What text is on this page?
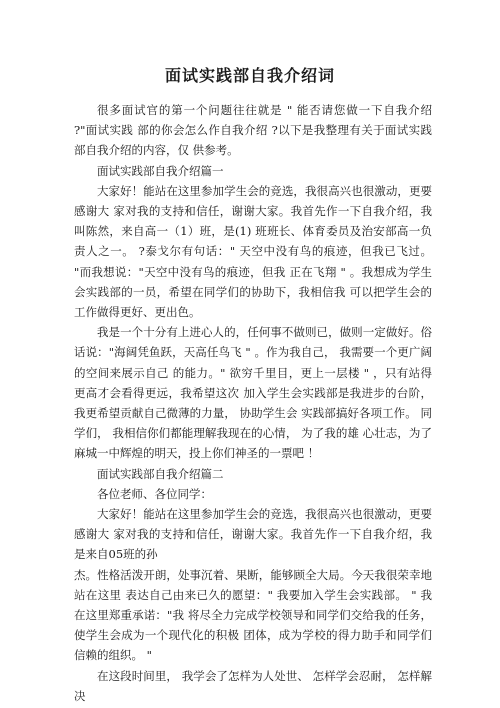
面试实践部自我介绍词

很多面试官的第一个问题往往就是 " 能否请您做一下自我介绍 ?"面试实践 部的你会怎么作自我介绍 ?以下是我整理有关于面试实践部自我介绍的内容，仅 供参考。

面试实践部自我介绍篇一

大家好！能站在这里参加学生会的竞选，我很高兴也很激动，更要感谢大 家对我的支持和信任，谢谢大家。我首先作一下自我介绍，我叫陈然，来自高一（1）班，是(1) 班班长、体育委员及治安部高一负责人之一。 ?泰戈尔有句话：" 天空中没有鸟的痕迹，但我已飞过。 "而我想说："天空中没有鸟的痕迹，但我 正在飞翔 " 。我想成为学生会实践部的一员，希望在同学们的协助下，我相信我 可以把学生会的工作做得更好、更出色。

我是一个十分有上进心人的，任何事不做则已，做则一定做好。俗话说："海阔凭鱼跃，天高任鸟飞 " 。作为我自己， 我需要一个更广阔的空间来展示自己 的能力。" 欲穷千里目，更上一层楼 " ，只有站得更高才会看得更远，我希望这次 加入学生会实践部是我进步的台阶， 我更希望贡献自己微薄的力量， 协助学生会 实践部搞好各项工作。 同学们， 我相信你们都能理解我现在的心情， 为了我的雄 心壮志，为了麻城一中辉煌的明天，投上你们神圣的一票吧 ！

面试实践部自我介绍篇二

各位老师、各位同学：

大家好！能站在这里参加学生会的竞选，我很高兴也很激动，更要感谢大 家对我的支持和信任，谢谢大家。我首先作一下自我介绍，我是来自05班的孙

杰。性格活泼开朗，处事沉着、果断，能够顾全大局。今天我很荣幸地站在这里 表达自己由来已久的愿望：" 我要加入学生会实践部。 " 我在这里郑重承诺："我 将尽全力完成学校领导和同学们交给我的任务， 使学生会成为一个现代化的积极 团体，成为学校的得力助手和同学们信赖的组织。 "

在这段时间里， 我学会了怎样为人处世、 怎样学会忍耐， 怎样解决
